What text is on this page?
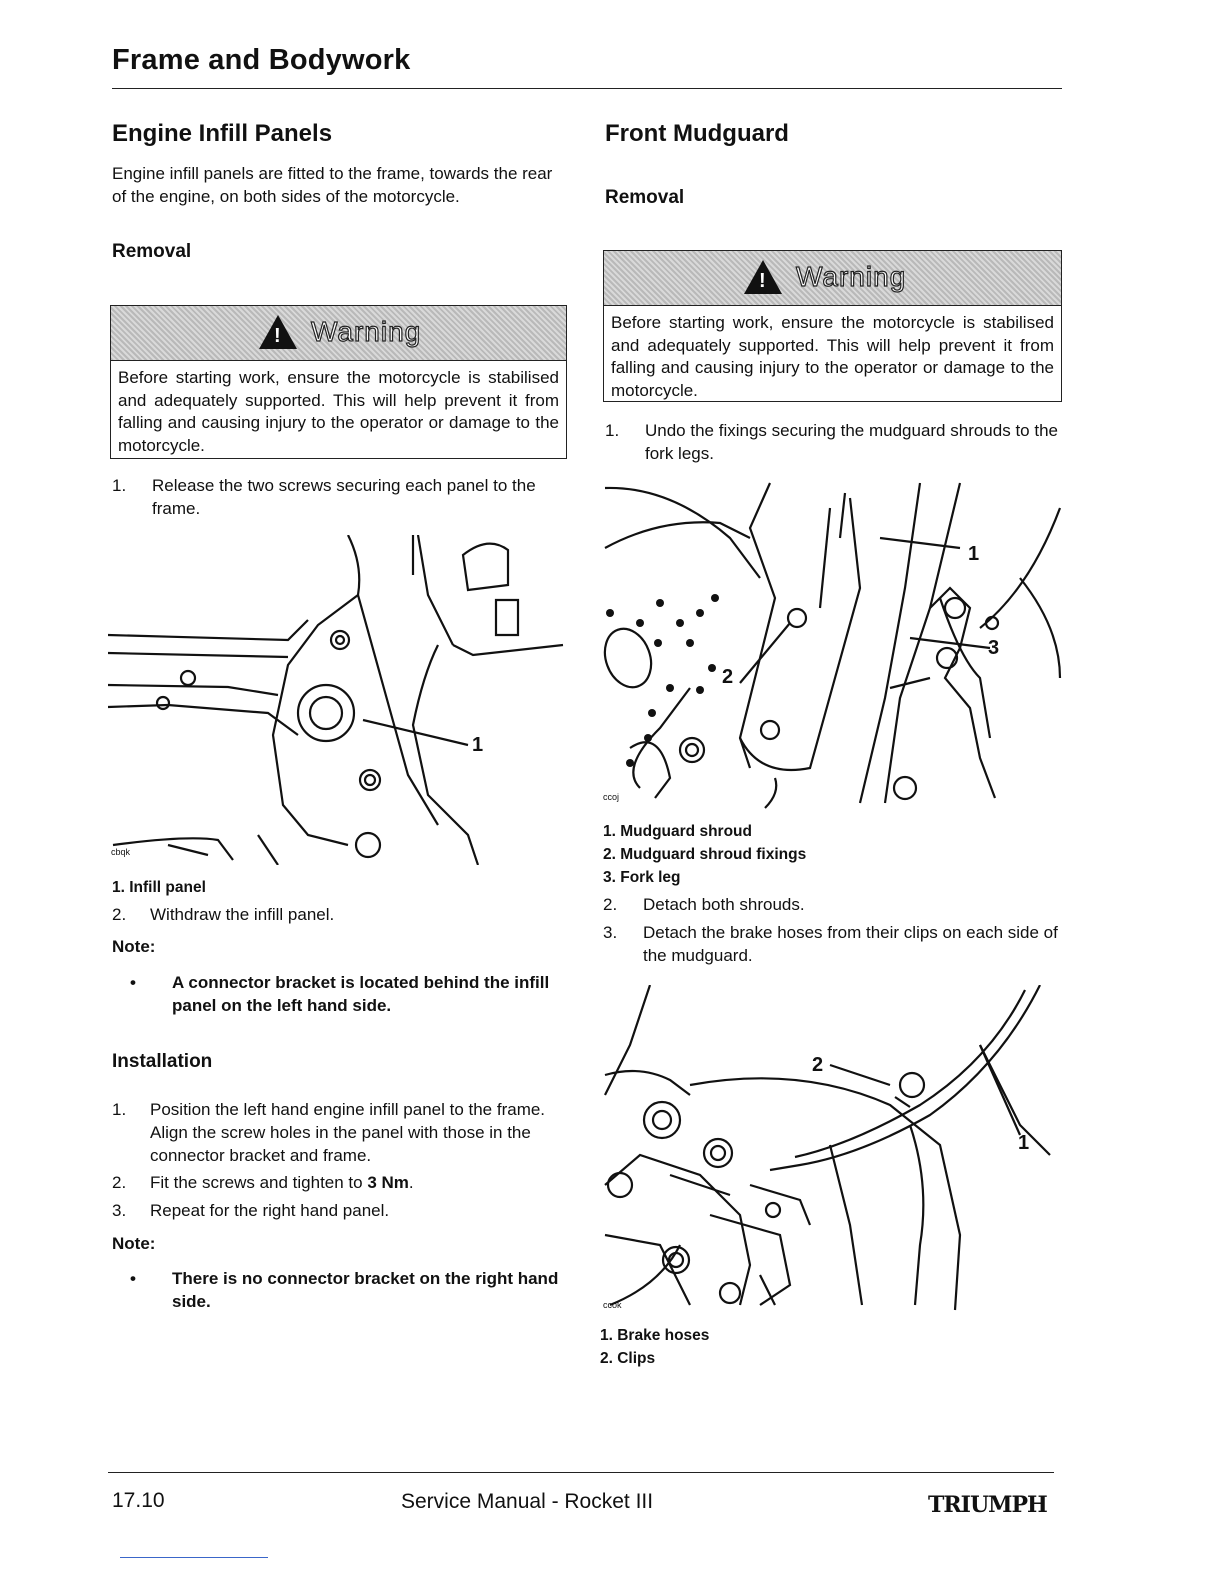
Frame and Bodywork
Engine Infill Panels

Engine infill panels are fitted to the frame, towards the rear of the engine, on both sides of the motorcycle.

Removal
! Warning
Before starting work, ensure the motorcycle is stabilised and adequately supported. This will help prevent it from falling and causing injury to the operator or damage to the motorcycle.
1. Release the two screws securing each panel to the frame.
cbqk
1
1. Infill panel
2. Withdraw the infill panel.
Note:
• A connector bracket is located behind the infill panel on the left hand side.
Installation
1. Position the left hand engine infill panel to the frame. Align the screw holes in the panel with those in the connector bracket and frame.
2. Fit the screws and tighten to 3 Nm.
3. Repeat for the right hand panel.
Note:
• There is no connector bracket on the right hand side.
Front Mudguard
Removal
! Warning
Before starting work, ensure the motorcycle is stabilised and adequately supported. This will help prevent it from falling and causing injury to the operator or damage to the motorcycle.
1. Undo the fixings securing the mudguard shrouds to the fork legs.
ccoj
1
2
3
1. Mudguard shroud
2. Mudguard shroud fixings
3. Fork leg
2. Detach both shrouds.
3. Detach the brake hoses from their clips on each side of the mudguard.
ccok
1
2
1. Brake hoses
2. Clips
17.10	Service Manual - Rocket III	TRIUMPH
